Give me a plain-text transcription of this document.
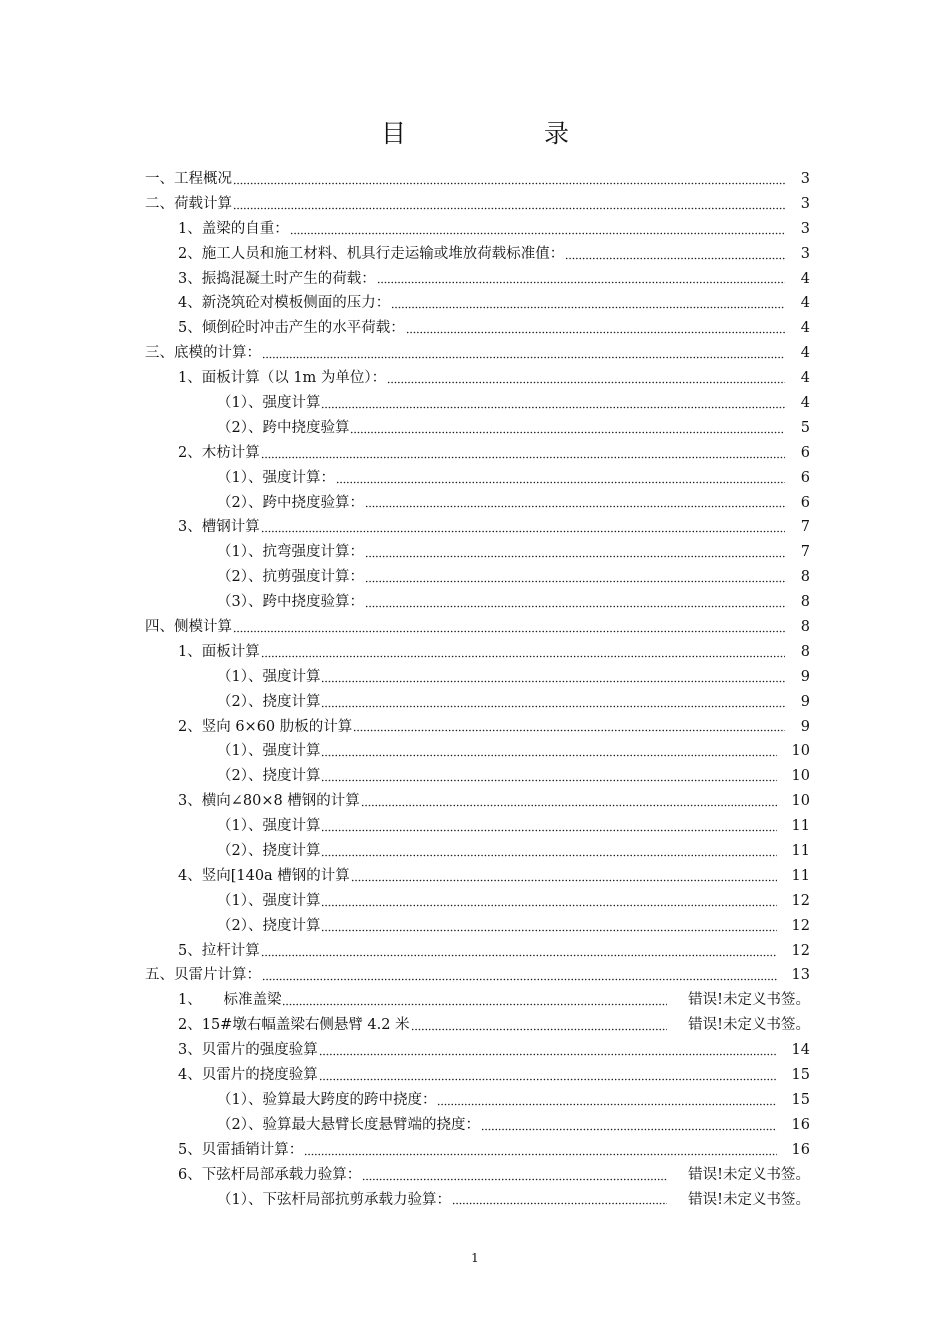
目录
一、工程概况	3
二、荷载计算	3
1、盖梁的自重：	3
2、施工人员和施工材料、机具行走运输或堆放荷载标准值：	3
3、振捣混凝土时产生的荷载：	4
4、新浇筑砼对模板侧面的压力：	4
5、倾倒砼时冲击产生的水平荷载：	4
三、底模的计算：	4
1、面板计算（以 1m 为单位）：	4
（1）、强度计算	4
（2）、跨中挠度验算	5
2、木枋计算	6
（1）、强度计算：	6
（2）、跨中挠度验算：	6
3、槽钢计算	7
（1）、抗弯强度计算：	7
（2）、抗剪强度计算：	8
（3）、跨中挠度验算：	8
四、侧模计算	8
1、面板计算	8
（1）、强度计算	9
（2）、挠度计算	9
2、竖向 6×60 肋板的计算	9
（1）、强度计算	10
（2）、挠度计算	10
3、横向∠80×8 槽钢的计算	10
（1）、强度计算	11
（2）、挠度计算	11
4、竖向[140a 槽钢的计算	11
（1）、强度计算	12
（2）、挠度计算	12
5、拉杆计算	12
五、贝雷片计算：	13
1、　　标准盖梁	错误!未定义书签。
2、15#墩右幅盖梁右侧悬臂 4.2 米	错误!未定义书签。
3、贝雷片的强度验算	14
4、贝雷片的挠度验算	15
（1）、验算最大跨度的跨中挠度：	15
（2）、验算最大悬臂长度悬臂端的挠度：	16
5、贝雷插销计算：	16
6、下弦杆局部承载力验算：	错误!未定义书签。
（1）、下弦杆局部抗剪承载力验算：	错误!未定义书签。
1
